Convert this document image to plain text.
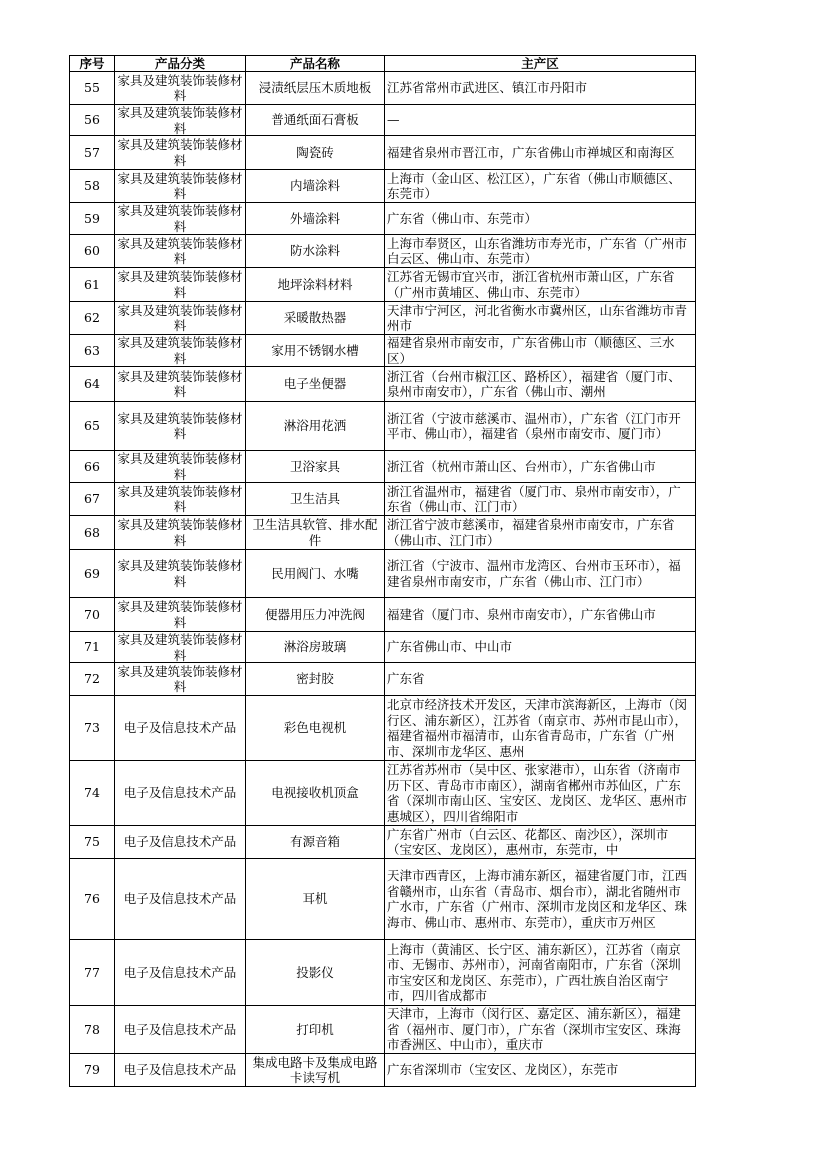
序号	产品分类	产品名称	主产区

55	家具及建筑装饰装修材料	浸渍纸层压木质地板	江苏省常州市武进区、镇江市丹阳市

56	家具及建筑装饰装修材料	普通纸面石膏板	—

57	家具及建筑装饰装修材料	陶瓷砖	福建省泉州市晋江市，广东省佛山市禅城区和南海区

58	家具及建筑装饰装修材料	内墙涂料	上海市（金山区、松江区），广东省（佛山市顺德区、东莞市）

59	家具及建筑装饰装修材料	外墙涂料	广东省（佛山市、东莞市）

60	家具及建筑装饰装修材料	防水涂料	上海市奉贤区，山东省潍坊市寿光市，广东省（广州市白云区、佛山市、东莞市）

61	家具及建筑装饰装修材料	地坪涂料材料	江苏省无锡市宜兴市，浙江省杭州市萧山区，广东省（广州市黄埔区、佛山市、东莞市）

62	家具及建筑装饰装修材料	采暖散热器	天津市宁河区，河北省衡水市冀州区，山东省潍坊市青州市

63	家具及建筑装饰装修材料	家用不锈钢水槽	福建省泉州市南安市，广东省佛山市（顺德区、三水区）

64	家具及建筑装饰装修材料	电子坐便器	浙江省（台州市椒江区、路桥区），福建省（厦门市、泉州市南安市），广东省（佛山市、潮州

65	家具及建筑装饰装修材料	淋浴用花洒	浙江省（宁波市慈溪市、温州市），广东省（江门市开平市、佛山市），福建省（泉州市南安市、厦门市）

66	家具及建筑装饰装修材料	卫浴家具	浙江省（杭州市萧山区、台州市），广东省佛山市

67	家具及建筑装饰装修材料	卫生洁具	浙江省温州市，福建省（厦门市、泉州市南安市），广东省（佛山市、江门市）

68	家具及建筑装饰装修材料	卫生洁具软管、排水配件	浙江省宁波市慈溪市，福建省泉州市南安市，广东省（佛山市、江门市）

69	家具及建筑装饰装修材料	民用阀门、水嘴	浙江省（宁波市、温州市龙湾区、台州市玉环市），福建省泉州市南安市，广东省（佛山市、江门市）

70	家具及建筑装饰装修材料	便器用压力冲洗阀	福建省（厦门市、泉州市南安市），广东省佛山市

71	家具及建筑装饰装修材料	淋浴房玻璃	广东省佛山市、中山市

72	家具及建筑装饰装修材料	密封胶	广东省

73	电子及信息技术产品	彩色电视机	北京市经济技术开发区，天津市滨海新区，上海市（闵行区、浦东新区），江苏省（南京市、苏州市昆山市），福建省福州市福清市，山东省青岛市，广东省（广州市、深圳市龙华区、惠州

74	电子及信息技术产品	电视接收机顶盒	江苏省苏州市（吴中区、张家港市），山东省（济南市历下区、青岛市市南区），湖南省郴州市苏仙区，广东省（深圳市南山区、宝安区、龙岗区、龙华区、惠州市惠城区），四川省绵阳市

75	电子及信息技术产品	有源音箱	广东省广州市（白云区、花都区、南沙区），深圳市（宝安区、龙岗区），惠州市，东莞市，中

76	电子及信息技术产品	耳机	天津市西青区，上海市浦东新区，福建省厦门市，江西省赣州市，山东省（青岛市、烟台市），湖北省随州市广水市，广东省（广州市、深圳市龙岗区和龙华区、珠海市、佛山市、惠州市、东莞市），重庆市万州区

77	电子及信息技术产品	投影仪	上海市（黄浦区、长宁区、浦东新区），江苏省（南京市、无锡市、苏州市），河南省南阳市，广东省（深圳市宝安区和龙岗区、东莞市），广西壮族自治区南宁市，四川省成都市

78	电子及信息技术产品	打印机	天津市，上海市（闵行区、嘉定区、浦东新区），福建省（福州市、厦门市），广东省（深圳市宝安区、珠海市香洲区、中山市），重庆市

79	电子及信息技术产品	集成电路卡及集成电路卡读写机	广东省深圳市（宝安区、龙岗区），东莞市
